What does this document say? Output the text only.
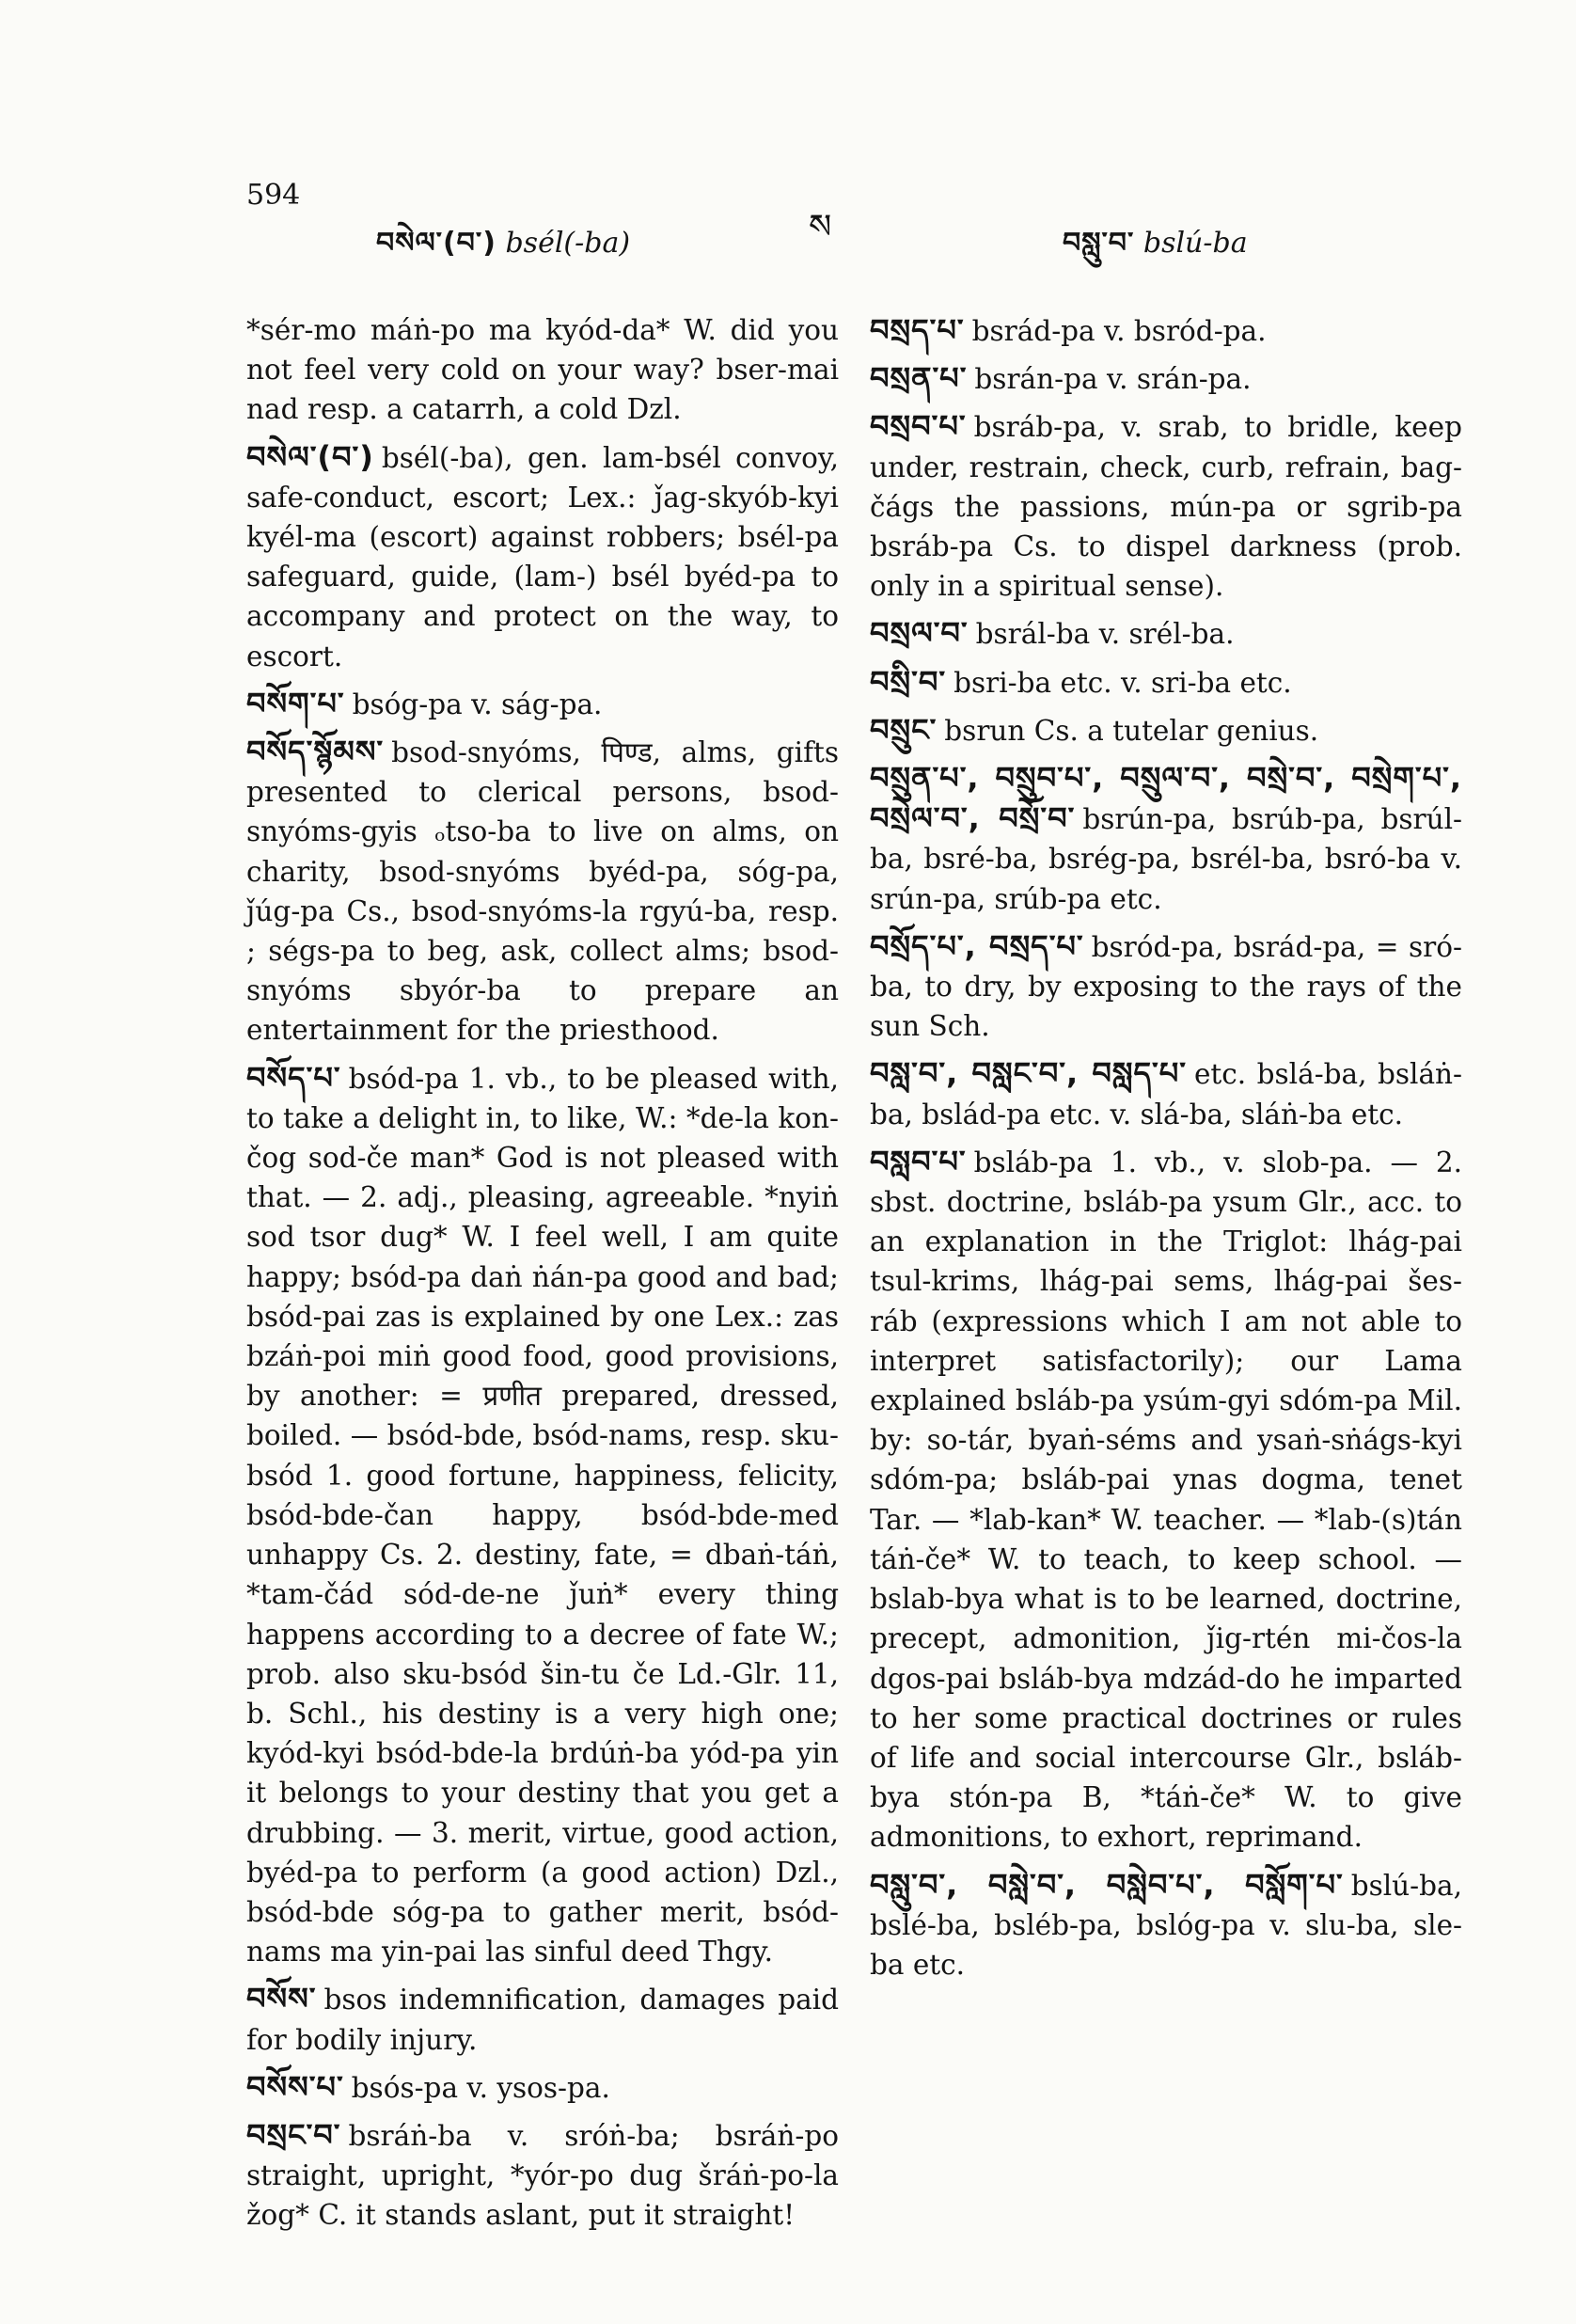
594
བསེལ་(བ་) bsél(-ba)	ས	བསླུ་བ་ bslú-ba

*sér-mo máṅ-po ma kyód-da* W. did you not feel very cold on your way? bser-mai nad resp. a catarrh, a cold Dzl.

བསེལ་(བ་) bsél(-ba), gen. lam-bsél convoy, safe-conduct, escort; Lex.: ǰag-skyób-kyi kyél-ma (escort) against robbers; bsél-pa safeguard, guide, (lam-) bsél byéd-pa to accompany and protect on the way, to escort.

བསོག་པ་ bsóg-pa v. ság-pa.

བསོད་སྙོམས་ bsod-snyóms, पिण्ड, alms, gifts presented to clerical persons, bsod-snyóms-gyis ₒtso-ba to live on alms, on charity, bsod-snyóms byéd-pa, sóg-pa, ǰúg-pa Cs., bsod-snyóms-la rgyú-ba, resp. ; ségs-pa to beg, ask, collect alms; bsod-snyóms sbyór-ba to prepare an entertainment for the priesthood.

བསོད་པ་ bsód-pa 1. vb., to be pleased with, to take a delight in, to like, W.: *de-la kon-čog sod-če man* God is not pleased with that. — 2. adj., pleasing, agreeable. *nyiṅ sod tsor dug* W. I feel well, I am quite happy; bsód-pa daṅ ṅán-pa good and bad; bsód-pai zas is explained by one Lex.: zas bzáṅ-poi miṅ good food, good provisions, by another: = प्रणीत prepared, dressed, boiled. — bsód-bde, bsód-nams, resp. sku-bsód 1. good fortune, happiness, felicity, bsód-bde-čan happy, bsód-bde-med unhappy Cs. 2. destiny, fate, = dbaṅ-táṅ, *tam-čád sód-de-ne ǰuṅ* every thing happens according to a decree of fate W.; prob. also sku-bsód šin-tu če Ld.-Glr. 11, b. Schl., his destiny is a very high one; kyód-kyi bsód-bde-la brdúṅ-ba yód-pa yin it belongs to your destiny that you get a drubbing. — 3. merit, virtue, good action, byéd-pa to perform (a good action) Dzl., bsód-bde sóg-pa to gather merit, bsód-nams ma yin-pai las sinful deed Thgy.

བསོས་ bsos indemnification, damages paid for bodily injury.

བསོས་པ་ bsós-pa v. ysos-pa.

བསྲང་བ་ bsráṅ-ba v. sróṅ-ba; bsráṅ-po straight, upright, *yór-po dug šráṅ-po-la žog* C. it stands aslant, put it straight!

བསྲད་པ་ bsrád-pa v. bsród-pa.

བསྲན་པ་ bsrán-pa v. srán-pa.

བསྲབ་པ་ bsráb-pa, v. srab, to bridle, keep under, restrain, check, curb, refrain, bag-čágs the passions, mún-pa or sgrib-pa bsráb-pa Cs. to dispel darkness (prob. only in a spiritual sense).

བསྲལ་བ་ bsrál-ba v. srél-ba.

བསྲི་བ་ bsri-ba etc. v. sri-ba etc.

བསྲུང་ bsrun Cs. a tutelar genius.

བསྲུན་པ་, བསྲུབ་པ་, བསྲུལ་བ་, བསྲེ་བ་, བསྲེག་པ་, བསྲེལ་བ་, བསྲོ་བ་ bsrún-pa, bsrúb-pa, bsrúl-ba, bsré-ba, bsrég-pa, bsrél-ba, bsró-ba v. srún-pa, srúb-pa etc.

བསྲོད་པ་, བསྲད་པ་ bsród-pa, bsrád-pa, = sró-ba, to dry, by exposing to the rays of the sun Sch.

བསླ་བ་, བསླང་བ་, བསླད་པ་ etc. bslá-ba, bsláṅ-ba, bslád-pa etc. v. slá-ba, sláṅ-ba etc.

བསླབ་པ་ bsláb-pa 1. vb., v. slob-pa. — 2. sbst. doctrine, bsláb-pa ysum Glr., acc. to an explanation in the Triglot: lhág-pai tsul-krims, lhág-pai sems, lhág-pai šes-ráb (expressions which I am not able to interpret satisfactorily); our Lama explained bsláb-pa ysúm-gyi sdóm-pa Mil. by: so-tár, byaṅ-séms and ysaṅ-sṅágs-kyi sdóm-pa; bsláb-pai ynas dogma, tenet Tar. — *lab-kan* W. teacher. — *lab-(s)tán táṅ-če* W. to teach, to keep school. — bslab-bya what is to be learned, doctrine, precept, admonition, ǰig-rtén mi-čos-la dgos-pai bsláb-bya mdzád-do he imparted to her some practical doctrines or rules of life and social intercourse Glr., bsláb-bya stón-pa B, *táṅ-če* W. to give admonitions, to exhort, reprimand.

བསླུ་བ་, བསླེ་བ་, བསླེབ་པ་, བསློག་པ་ bslú-ba, bslé-ba, bsléb-pa, bslóg-pa v. slu-ba, sle-ba etc.
